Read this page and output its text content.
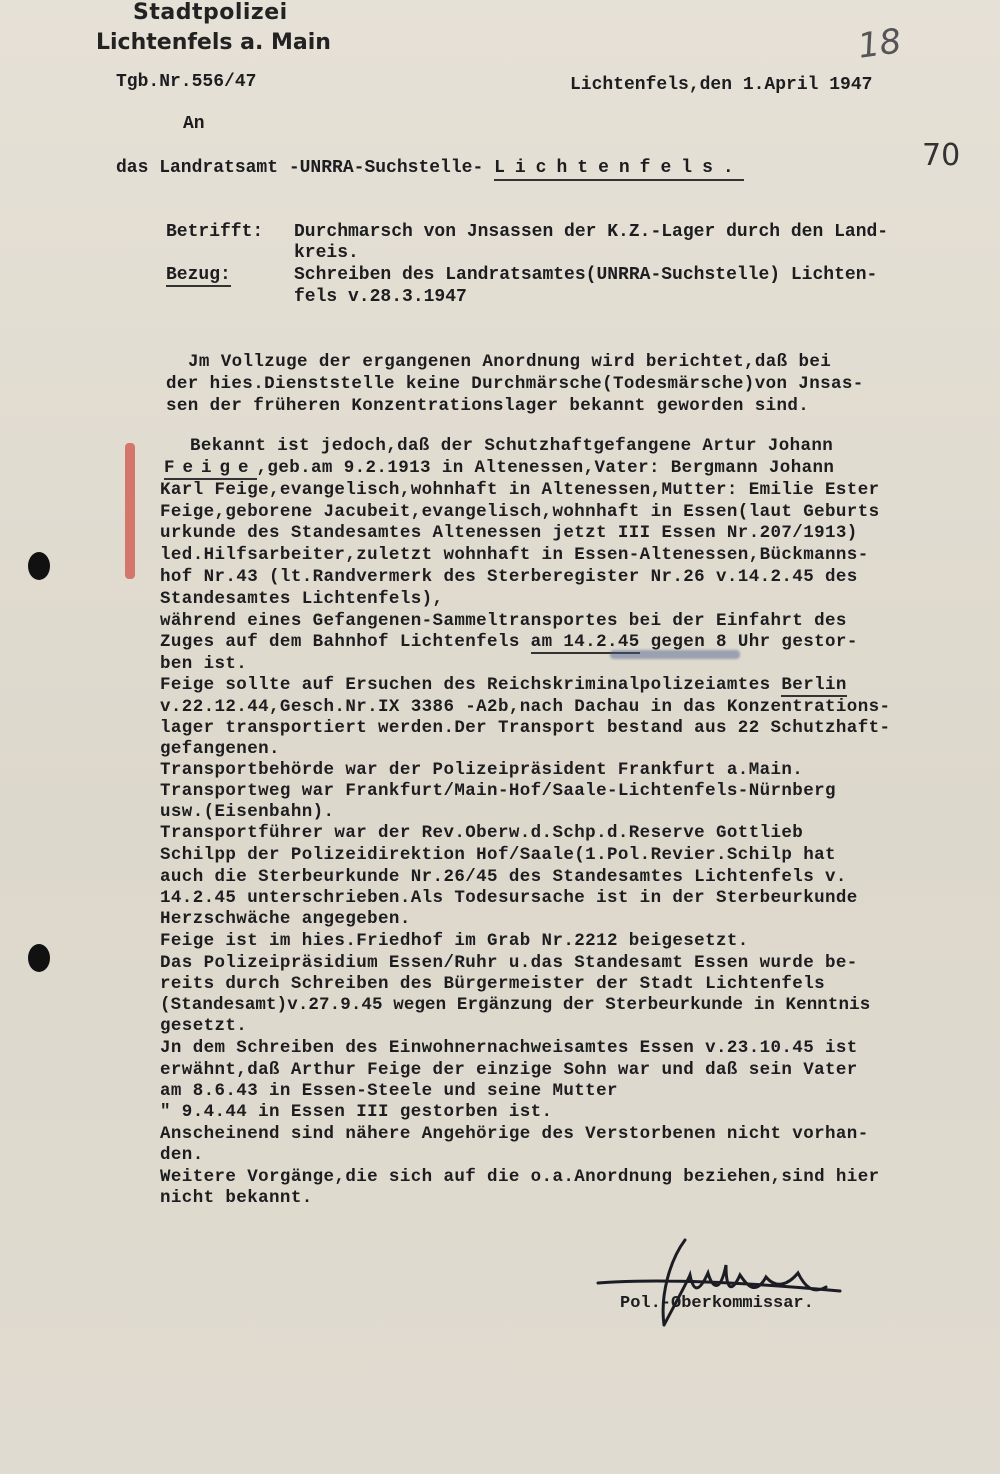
Stadtpolizei
Lichtenfels a. Main	18
70
Tgb.Nr.556/47	Lichtenfels,den 1.April 1947
An
das Landratsamt -UNRRA-Suchstelle- Lichtenfels.
Betrifft: Durchmarsch von Jnsassen der K.Z.-Lager durch den Land-
kreis.
Bezug:	Schreiben des Landratsamtes(UNRRA-Suchstelle) Lichten-
fels v.28.3.1947
Jm Vollzuge der ergangenen Anordnung wird berichtet,daß bei
der hies.Dienststelle keine Durchmärsche(Todesmärsche)von Jnsas-
sen der früheren Konzentrationslager bekannt geworden sind.
Bekannt ist jedoch,daß der Schutzhaftgefangene Artur Johann
Feige,geb.am 9.2.1913 in Altenessen,Vater: Bergmann Johann
Karl Feige,evangelisch,wohnhaft in Altenessen,Mutter: Emilie Ester
Feige,geborene Jacubeit,evangelisch,wohnhaft in Essen(laut Geburts
urkunde des Standesamtes Altenessen jetzt III Essen Nr.207/1913)
led.Hilfsarbeiter,zuletzt wohnhaft in Essen-Altenessen,Bückmanns-
hof Nr.43 (lt.Randvermerk des Sterberegister Nr.26 v.14.2.45 des
Standesamtes Lichtenfels),
während eines Gefangenen-Sammeltransportes bei der Einfahrt des
Zuges auf dem Bahnhof Lichtenfels am 14.2.45 gegen 8 Uhr gestor-
ben ist.
Feige sollte auf Ersuchen des Reichskriminalpolizeiamtes Berlin
v.22.12.44,Gesch.Nr.IX 3386 -A2b,nach Dachau in das Konzentrations-
lager transportiert werden.Der Transport bestand aus 22 Schutzhaft-
gefangenen.
Transportbehörde war der Polizeipräsident Frankfurt a.Main.
Transportweg war Frankfurt/Main-Hof/Saale-Lichtenfels-Nürnberg
usw.(Eisenbahn).
Transportführer war der Rev.Oberw.d.Schp.d.Reserve Gottlieb
Schilpp der Polizeidirektion Hof/Saale(1.Pol.Revier.Schilp hat
auch die Sterbeurkunde Nr.26/45 des Standesamtes Lichtenfels v.
14.2.45 unterschrieben.Als Todesursache ist in der Sterbeurkunde
Herzschwäche angegeben.
Feige ist im hies.Friedhof im Grab Nr.2212 beigesetzt.
Das Polizeipräsidium Essen/Ruhr u.das Standesamt Essen wurde be-
reits durch Schreiben des Bürgermeister der Stadt Lichtenfels
(Standesamt)v.27.9.45 wegen Ergänzung der Sterbeurkunde in Kenntnis
gesetzt.
Jn dem Schreiben des Einwohnernachweisamtes Essen v.23.10.45 ist
erwähnt,daß Arthur Feige der einzige Sohn war und daß sein Vater
am 8.6.43 in Essen-Steele und seine Mutter
" 9.4.44 in Essen III gestorben ist.
Anscheinend sind nähere Angehörige des Verstorbenen nicht vorhan-
den.
Weitere Vorgänge,die sich auf die o.a.Anordnung beziehen,sind hier
nicht bekannt.
Pol.-Oberkommissar.
